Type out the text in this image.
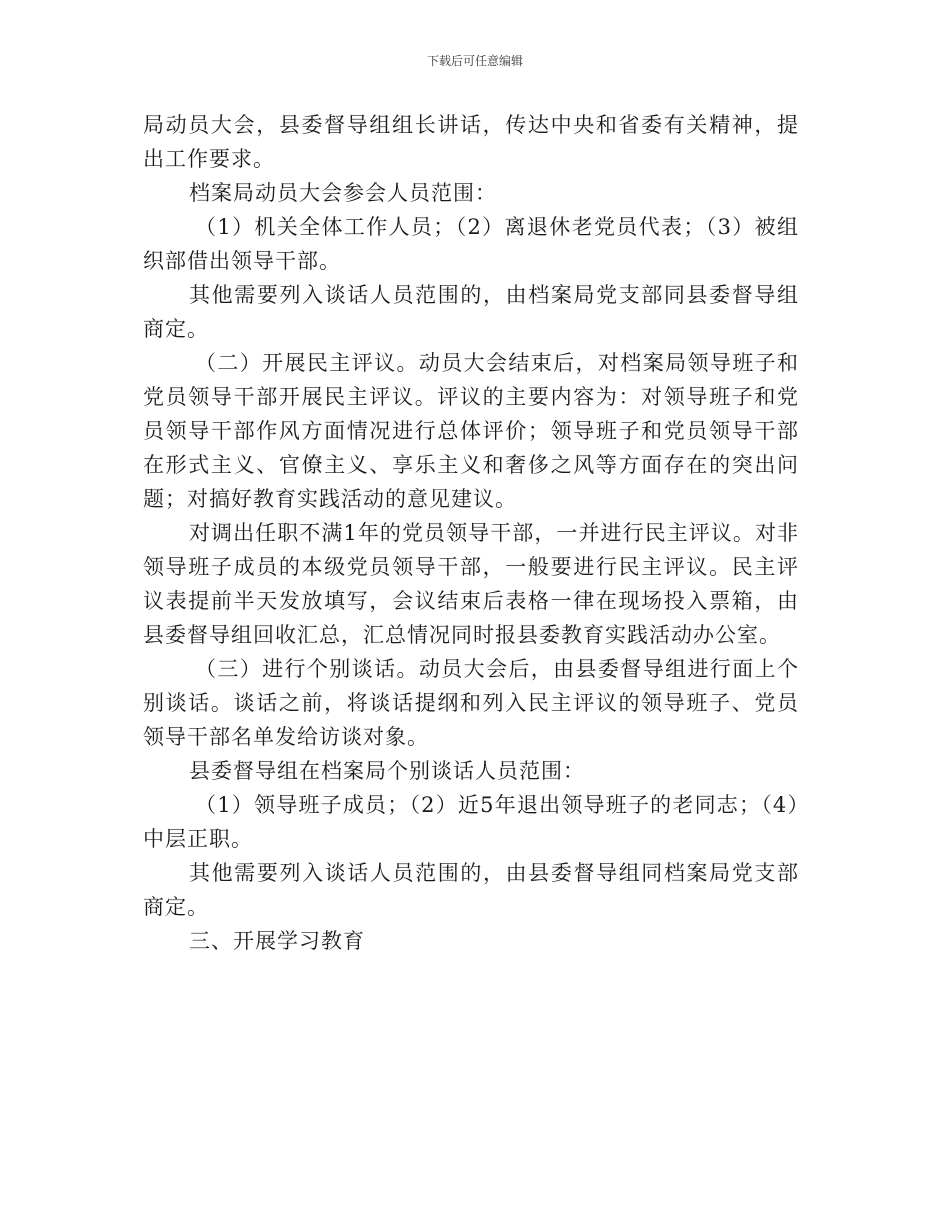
下载后可任意编辑

局动员大会，县委督导组组长讲话，传达中央和省委有关精神，提出工作要求。

档案局动员大会参会人员范围：

（1）机关全体工作人员；（2）离退休老党员代表；（3）被组织部借出领导干部。

其他需要列入谈话人员范围的，由档案局党支部同县委督导组商定。

（二）开展民主评议。动员大会结束后，对档案局领导班子和党员领导干部开展民主评议。评议的主要内容为：对领导班子和党员领导干部作风方面情况进行总体评价；领导班子和党员领导干部在形式主义、官僚主义、享乐主义和奢侈之风等方面存在的突出问题；对搞好教育实践活动的意见建议。

对调出任职不满1年的党员领导干部，一并进行民主评议。对非领导班子成员的本级党员领导干部，一般要进行民主评议。民主评议表提前半天发放填写，会议结束后表格一律在现场投入票箱，由县委督导组回收汇总，汇总情况同时报县委教育实践活动办公室。

（三）进行个别谈话。动员大会后，由县委督导组进行面上个别谈话。谈话之前，将谈话提纲和列入民主评议的领导班子、党员领导干部名单发给访谈对象。

县委督导组在档案局个别谈话人员范围：

（1）领导班子成员；（2）近5年退出领导班子的老同志；（4）中层正职。

其他需要列入谈话人员范围的，由县委督导组同档案局党支部商定。

三、开展学习教育
